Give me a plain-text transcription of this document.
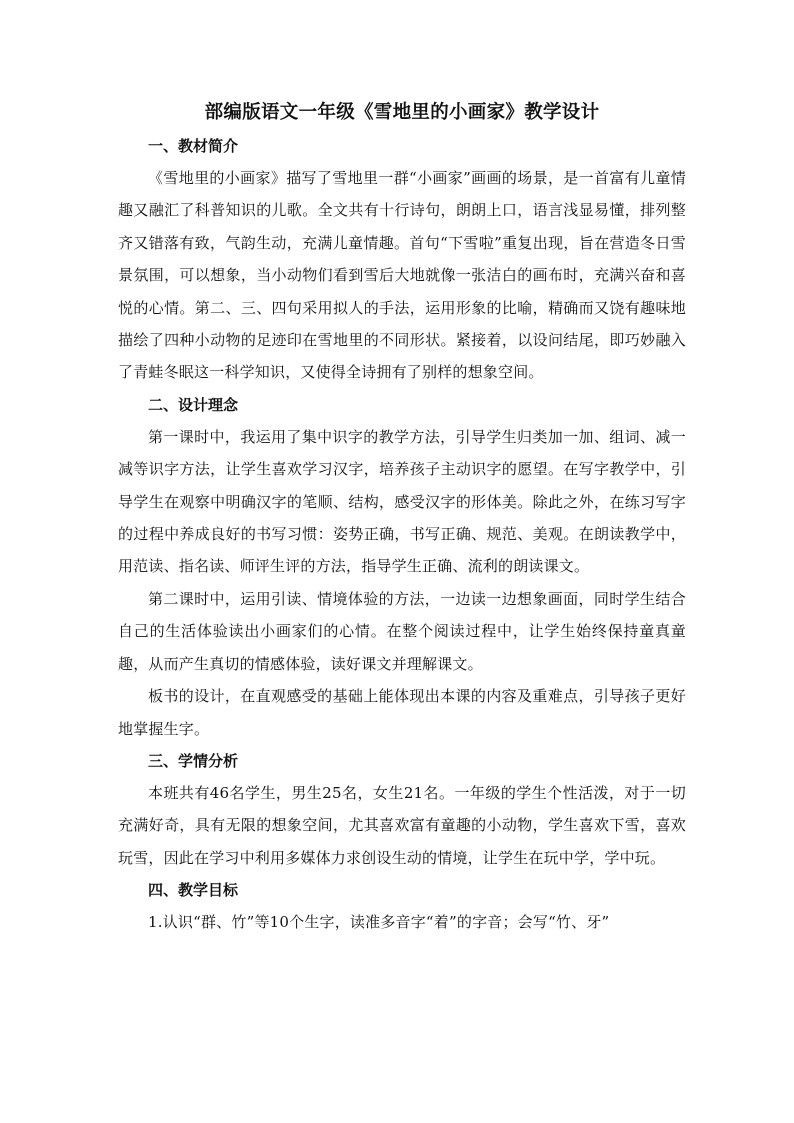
部编版语文一年级《雪地里的小画家》教学设计
一、教材简介

《雪地里的小画家》描写了雪地里一群“小画家”画画的场景，是一首富有儿童情趣又融汇了科普知识的儿歌。全文共有十行诗句，朗朗上口，语言浅显易懂，排列整齐又错落有致，气韵生动，充满儿童情趣。首句“下雪啦”重复出现，旨在营造冬日雪景氛围，可以想象，当小动物们看到雪后大地就像一张洁白的画布时，充满兴奋和喜悦的心情。第二、三、四句采用拟人的手法，运用形象的比喻，精确而又饶有趣味地描绘了四种小动物的足迹印在雪地里的不同形状。紧接着，以设问结尾，即巧妙融入了青蛙冬眠这一科学知识，又使得全诗拥有了别样的想象空间。

二、设计理念

第一课时中，我运用了集中识字的教学方法，引导学生归类加一加、组词、减一减等识字方法，让学生喜欢学习汉字，培养孩子主动识字的愿望。在写字教学中，引导学生在观察中明确汉字的笔顺、结构，感受汉字的形体美。除此之外，在练习写字的过程中养成良好的书写习惯：姿势正确，书写正确、规范、美观。在朗读教学中，用范读、指名读、师评生评的方法，指导学生正确、流利的朗读课文。

第二课时中，运用引读、情境体验的方法，一边读一边想象画面，同时学生结合自己的生活体验读出小画家们的心情。在整个阅读过程中，让学生始终保持童真童趣，从而产生真切的情感体验，读好课文并理解课文。

板书的设计，在直观感受的基础上能体现出本课的内容及重难点，引导孩子更好地掌握生字。

三、学情分析

本班共有46名学生，男生25名，女生21名。一年级的学生个性活泼，对于一切充满好奇，具有无限的想象空间，尤其喜欢富有童趣的小动物，学生喜欢下雪，喜欢玩雪，因此在学习中利用多媒体力求创设生动的情境，让学生在玩中学，学中玩。

四、教学目标

1.认识“群、竹”等10个生字，读准多音字“着”的字音；会写“竹、牙”
